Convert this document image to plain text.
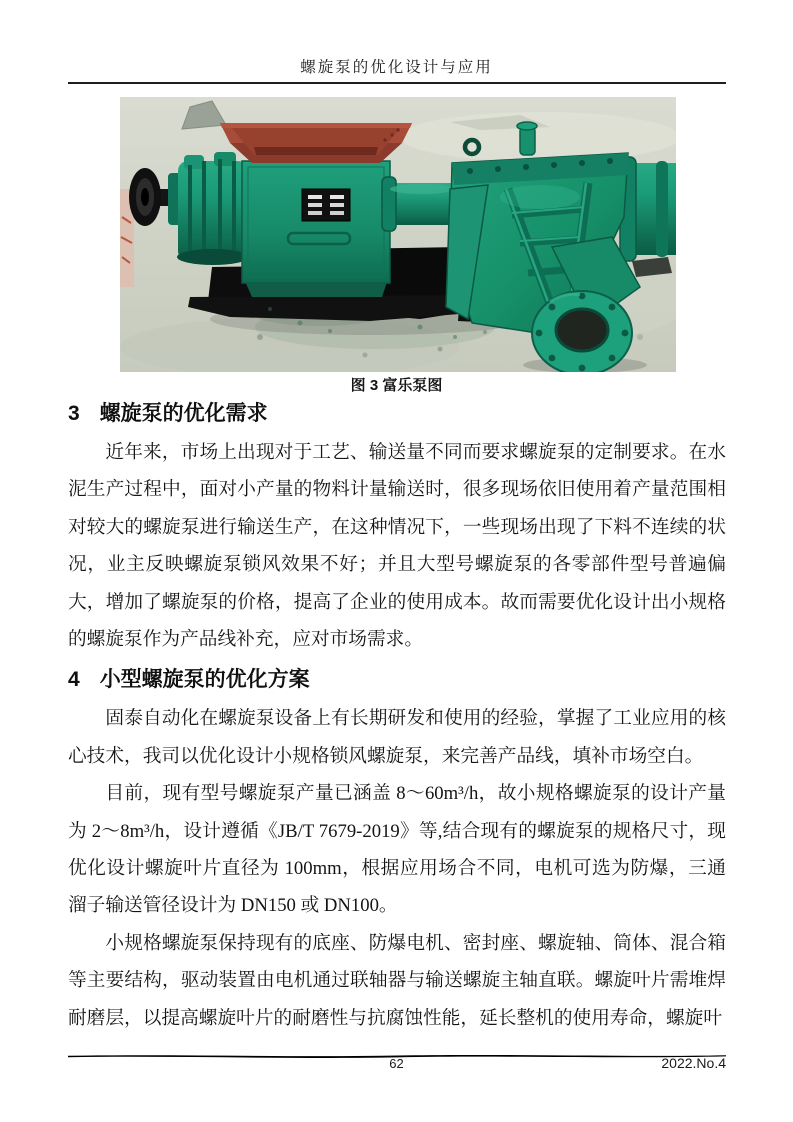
螺旋泵的优化设计与应用
图 3 富乐泵图
3 螺旋泵的优化需求

近年来，市场上出现对于工艺、输送量不同而要求螺旋泵的定制要求。在水泥生产过程中，面对小产量的物料计量输送时，很多现场依旧使用着产量范围相对较大的螺旋泵进行输送生产，在这种情况下，一些现场出现了下料不连续的状况，业主反映螺旋泵锁风效果不好；并且大型号螺旋泵的各零部件型号普遍偏大，增加了螺旋泵的价格，提高了企业的使用成本。故而需要优化设计出小规格的螺旋泵作为产品线补充，应对市场需求。

4 小型螺旋泵的优化方案

固泰自动化在螺旋泵设备上有长期研发和使用的经验，掌握了工业应用的核心技术，我司以优化设计小规格锁风螺旋泵，来完善产品线，填补市场空白。

目前，现有型号螺旋泵产量已涵盖 8～60m³/h，故小规格螺旋泵的设计产量为 2～8m³/h，设计遵循《JB/T 7679-2019》等,结合现有的螺旋泵的规格尺寸，现优化设计螺旋叶片直径为 100mm，根据应用场合不同，电机可选为防爆，三通溜子输送管径设计为 DN150 或 DN100。

小规格螺旋泵保持现有的底座、防爆电机、密封座、螺旋轴、筒体、混合箱等主要结构，驱动装置由电机通过联轴器与输送螺旋主轴直联。螺旋叶片需堆焊耐磨层，以提高螺旋叶片的耐磨性与抗腐蚀性能，延长整机的使用寿命，螺旋叶

62	2022.No.4
